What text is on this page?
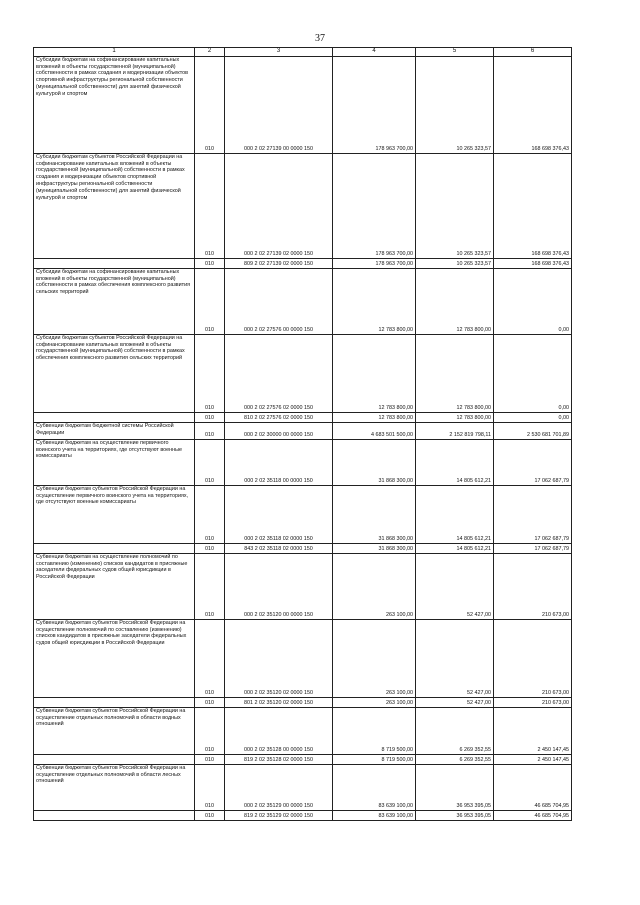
37
1	2	3	4	5	6
Субсидии бюджетам на софинансирование капитальных вложений в объекты государственной (муниципальной) собственности в рамках создания и модернизации объектов спортивной инфраструктуры региональной собственности (муниципальной собственности) для занятий физической культурой и спортом	010	000 2 02 27139 00 0000 150	178 963 700,00	10 265 323,57	168 698 376,43
Субсидии бюджетам субъектов Российской Федерации на софинансирование капитальных вложений в объекты государственной (муниципальной) собственности в рамках создания и модернизации объектов спортивной инфраструктуры региональной собственности (муниципальной собственности) для занятий физической культурой и спортом	010	000 2 02 27139 02 0000 150	178 963 700,00	10 265 323,57	168 698 376,43
	010	809 2 02 27139 02 0000 150	178 963 700,00	10 265 323,57	168 698 376,43
Субсидии бюджетам на софинансирование капитальных вложений в объекты государственной (муниципальной) собственности в рамках обеспечения комплексного развития сельских территорий	010	000 2 02 27576 00 0000 150	12 783 800,00	12 783 800,00	0,00
Субсидии бюджетам субъектов Российской Федерации на софинансирование капитальных вложений в объекты государственной (муниципальной) собственности в рамках обеспечения комплексного развития сельских территорий	010	000 2 02 27576 02 0000 150	12 783 800,00	12 783 800,00	0,00
	010	810 2 02 27576 02 0000 150	12 783 800,00	12 783 800,00	0,00
Субвенции бюджетам бюджетной системы Российской Федерации	010	000 2 02 30000 00 0000 150	4 683 501 500,00	2 152 819 798,11	2 530 681 701,89
Субвенции бюджетам на осуществление первичного воинского учета на территориях, где отсутствуют военные комиссариаты	010	000 2 02 35118 00 0000 150	31 868 300,00	14 805 612,21	17 062 687,79
Субвенции бюджетам субъектов Российской Федерации на осуществление первичного воинского учета на территориях, где отсутствуют военные комиссариаты	010	000 2 02 35118 02 0000 150	31 868 300,00	14 805 612,21	17 062 687,79
	010	843 2 02 35118 02 0000 150	31 868 300,00	14 805 612,21	17 062 687,79
Субвенции бюджетам на осуществление полномочий по составлению (изменению) списков кандидатов в присяжные заседатели федеральных судов общей юрисдикции в Российской Федерации	010	000 2 02 35120 00 0000 150	263 100,00	52 427,00	210 673,00
Субвенции бюджетам субъектов Российской Федерации на осуществление полномочий по составлению (изменению) списков кандидатов в присяжные заседатели федеральных судов общей юрисдикции в Российской Федерации	010	000 2 02 35120 02 0000 150	263 100,00	52 427,00	210 673,00
	010	801 2 02 35120 02 0000 150	263 100,00	52 427,00	210 673,00
Субвенции бюджетам субъектов Российской Федерации на осуществление отдельных полномочий в области водных отношений	010	000 2 02 35128 00 0000 150	8 719 500,00	6 269 352,55	2 450 147,45
	010	819 2 02 35128 02 0000 150	8 719 500,00	6 269 352,55	2 450 147,45
Субвенции бюджетам субъектов Российской Федерации на осуществление отдельных полномочий в области лесных отношений	010	000 2 02 35129 00 0000 150	83 639 100,00	36 953 395,05	46 685 704,95
	010	819 2 02 35129 02 0000 150	83 639 100,00	36 953 395,05	46 685 704,95
